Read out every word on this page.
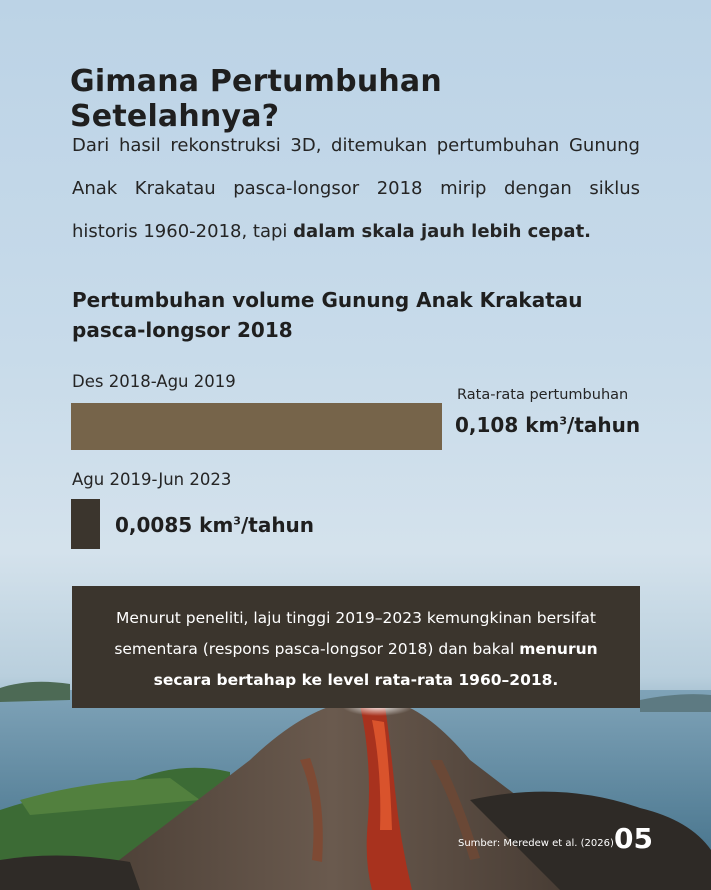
Gimana Pertumbuhan Setelahnya?

Dari hasil rekonstruksi 3D, ditemukan pertumbuhan Gunung Anak Krakatau pasca-longsor 2018 mirip dengan siklus historis 1960-2018, tapi dalam skala jauh lebih cepat.

Pertumbuhan volume Gunung Anak Krakatau pasca-longsor 2018
Des 2018-Agu 2019
Rata-rata pertumbuhan
0,108 $km^3$/tahun
Agu 2019-Jun 2023
0,0085 $km^3$/tahun
Menurut peneliti, laju tinggi 2019–2023 kemungkinan bersifat sementara (respons pasca-longsor 2018) dan bakal menurun secara bertahap ke level rata-rata 1960–2018.
Sumber: Meredew et al. (2026) 05
